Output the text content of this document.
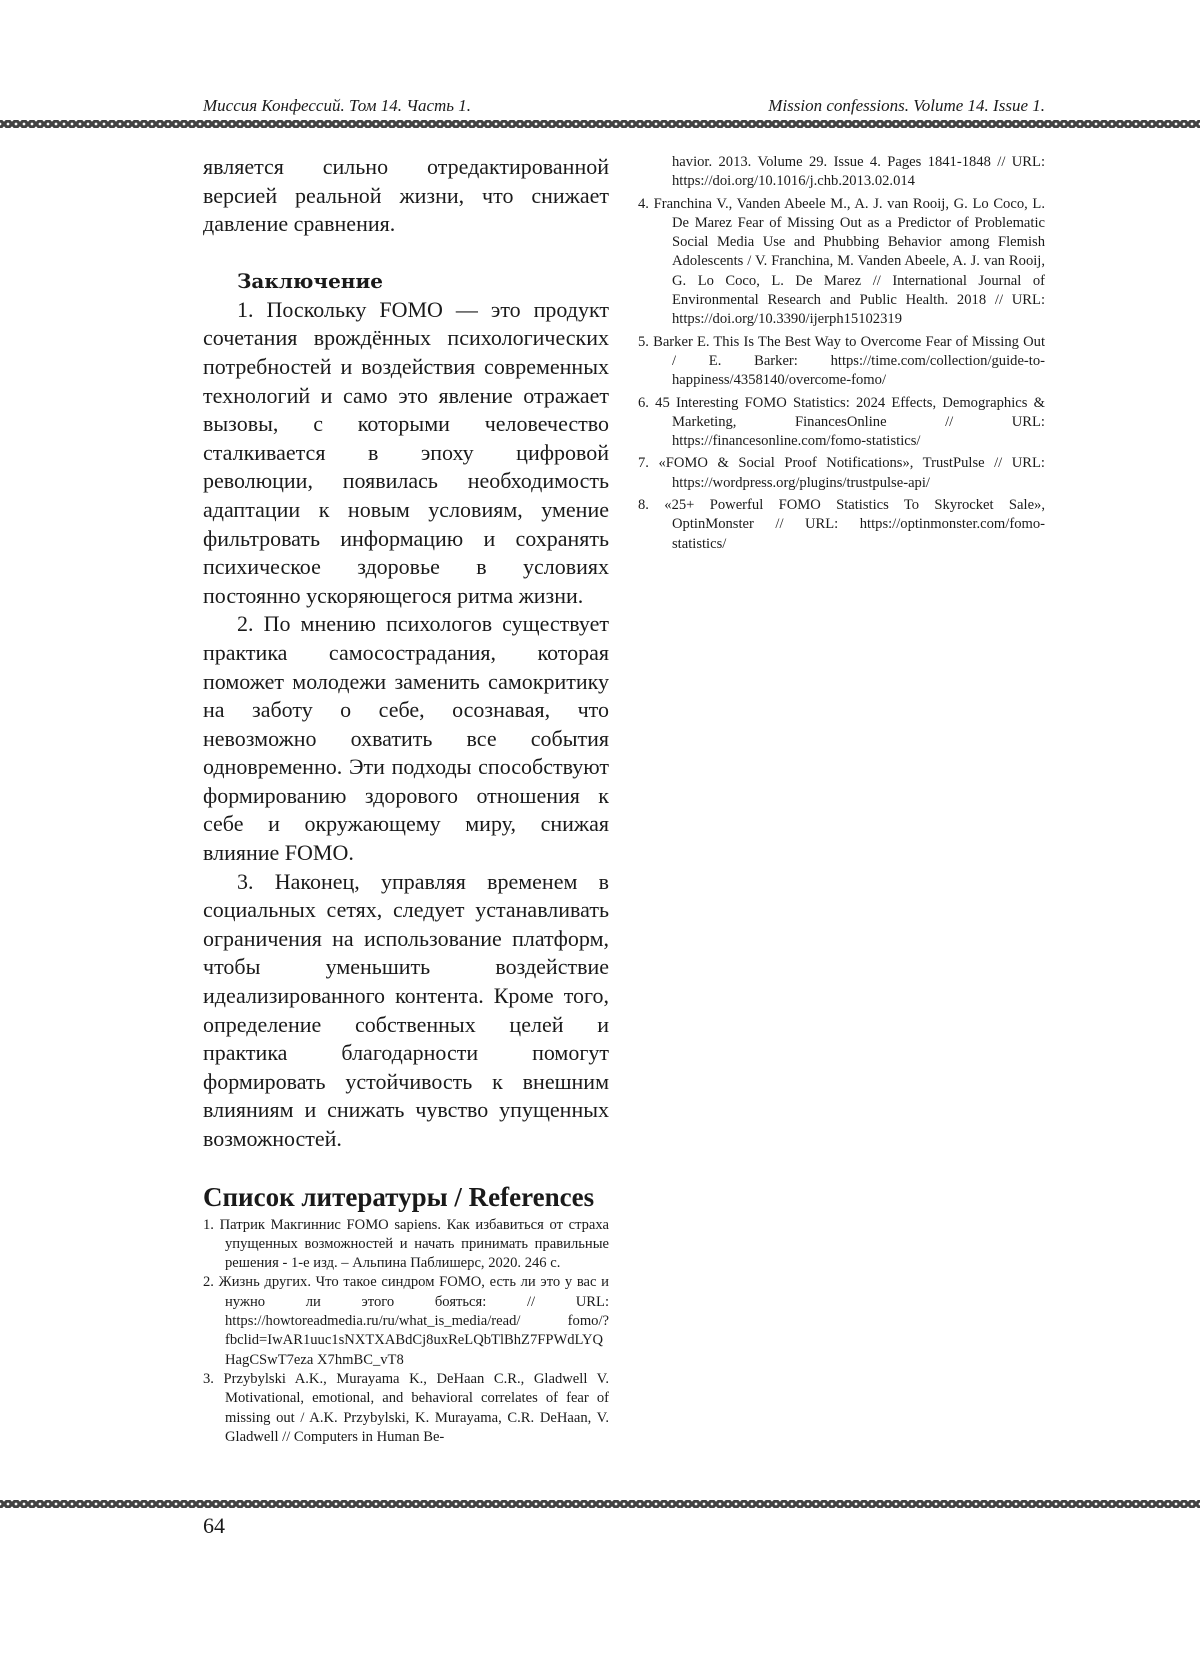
Миссия Конфессий. Том 14. Часть 1.	Mission confessions. Volume 14. Issue 1.

является сильно отредактированной версией реальной жизни, что снижает давление сравнения.

Заключение

1. Поскольку FOMO — это продукт сочетания врождённых психологических потребностей и воздействия современных технологий и само это явление отражает вызовы, с которыми человечество сталкивается в эпоху цифровой революции, появилась необходимость адаптации к новым условиям, умение фильтровать информацию и сохранять психическое здоровье в условиях постоянно ускоряющегося ритма жизни.

2. По мнению психологов существует практика самосострадания, которая поможет молодежи заменить самокритику на заботу о себе, осознавая, что невозможно охватить все события одновременно. Эти подходы способствуют формированию здорового отношения к себе и окружающему миру, снижая влияние FOMO.

3. Наконец, управляя временем в социальных сетях, следует устанавливать ограничения на использование платформ, чтобы уменьшить воздействие идеализированного контента. Кроме того, определение собственных целей и практика благодарности помогут формировать устойчивость к внешним влияниям и снижать чувство упущенных возможностей.

Список литературы / References

1. Патрик Макгиннис FOMO sapiens. Как избавиться от страха упущенных возможностей и начать принимать правильные решения - 1-е изд. – Альпина Паблишерс, 2020. 246 с.

2. Жизнь других. Что такое синдром FOMO, есть ли это у вас и нужно ли этого бояться: // URL: https://howtoreadmedia.ru/ru/what_is_media/read/ fomo/?fbclid=IwAR1uuc1sNXTXABdCj8uxReLQbTlBhZ7FPWdLYQHagCSwT7eza X7hmBC_vT8

3. Przybylski A.K., Murayama K., DeHaan C.R., Gladwell V. Motivational, emotional, and behavioral correlates of fear of missing out / A.K. Przybylski, K. Murayama, C.R. DeHaan, V. Gladwell // Computers in Human Be-

havior. 2013. Volume 29. Issue 4. Pages 1841-1848 // URL: https://doi.org/10.1016/j.chb.2013.02.014

4. Franchina V., Vanden Abeele M., A. J. van Rooij, G. Lo Coco, L. De Marez Fear of Missing Out as a Predictor of Problematic Social Media Use and Phubbing Behavior among Flemish Adolescents / V. Franchina, M. Vanden Abeele, A. J. van Rooij, G. Lo Coco, L. De Marez // International Journal of Environmental Research and Public Health. 2018 // URL: https://doi.org/10.3390/ijerph15102319

5. Barker E. This Is The Best Way to Overcome Fear of Missing Out / E. Barker: https://time.com/collection/guide-to-happiness/4358140/overcome-fomo/

6. 45 Interesting FOMO Statistics: 2024 Effects, Demographics & Marketing, FinancesOnline // URL: https://financesonline.com/fomo-statistics/

7. «FOMO & Social Proof Notifications», TrustPulse // URL: https://wordpress.org/plugins/trustpulse-api/

8. «25+ Powerful FOMO Statistics To Skyrocket Sale», OptinMonster // URL: https://optinmonster.com/fomo-statistics/

64
